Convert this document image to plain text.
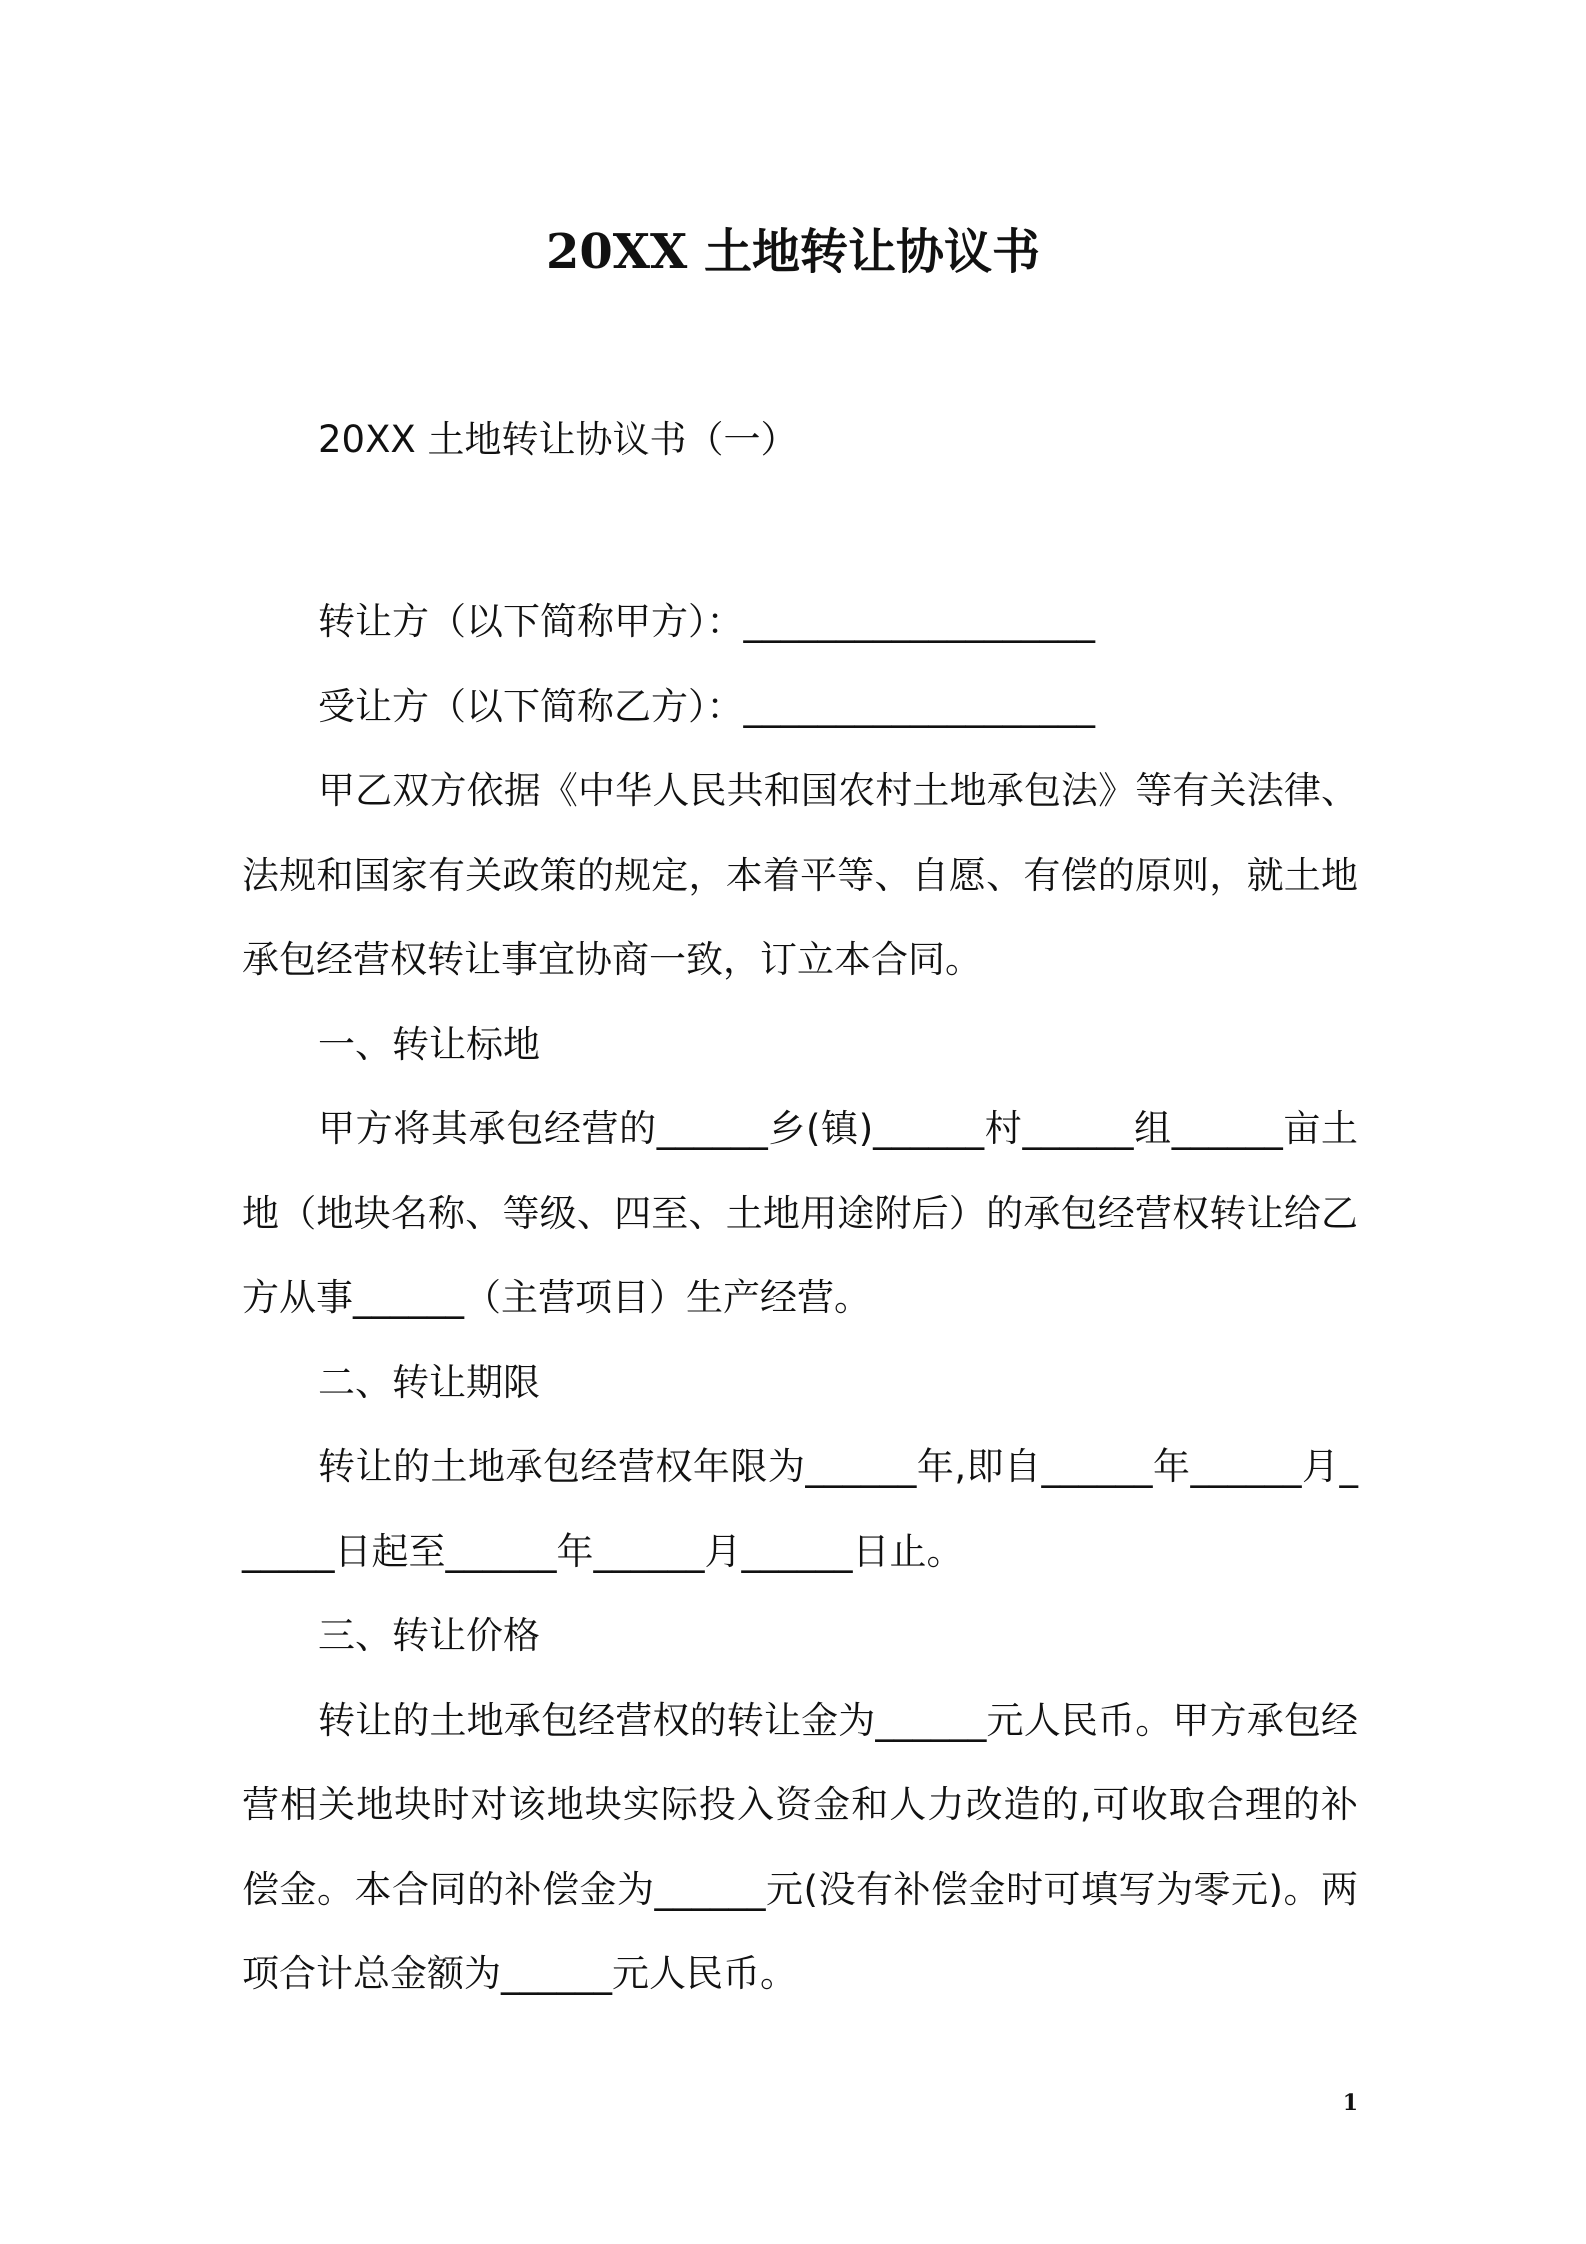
20XX 土地转让协议书

20XX 土地转让协议书（一）

转让方（以下简称甲方）：___________________

受让方（以下简称乙方）：___________________

甲乙双方依据《中华人民共和国农村土地承包法》等有关法律、法规和国家有关政策的规定，本着平等、自愿、有偿的原则，就土地承包经营权转让事宜协商一致，订立本合同。

一、转让标地

甲方将其承包经营的______乡(镇)______村______组______亩土地（地块名称、等级、四至、土地用途附后）的承包经营权转让给乙方从事______（主营项目）生产经营。

二、转让期限

转让的土地承包经营权年限为______年,即自______年______月______日起至______年______月______日止。

三、转让价格

转让的土地承包经营权的转让金为______元人民币。甲方承包经营相关地块时对该地块实际投入资金和人力改造的,可收取合理的补偿金。本合同的补偿金为______元(没有补偿金时可填写为零元)。两项合计总金额为______元人民币。

1
